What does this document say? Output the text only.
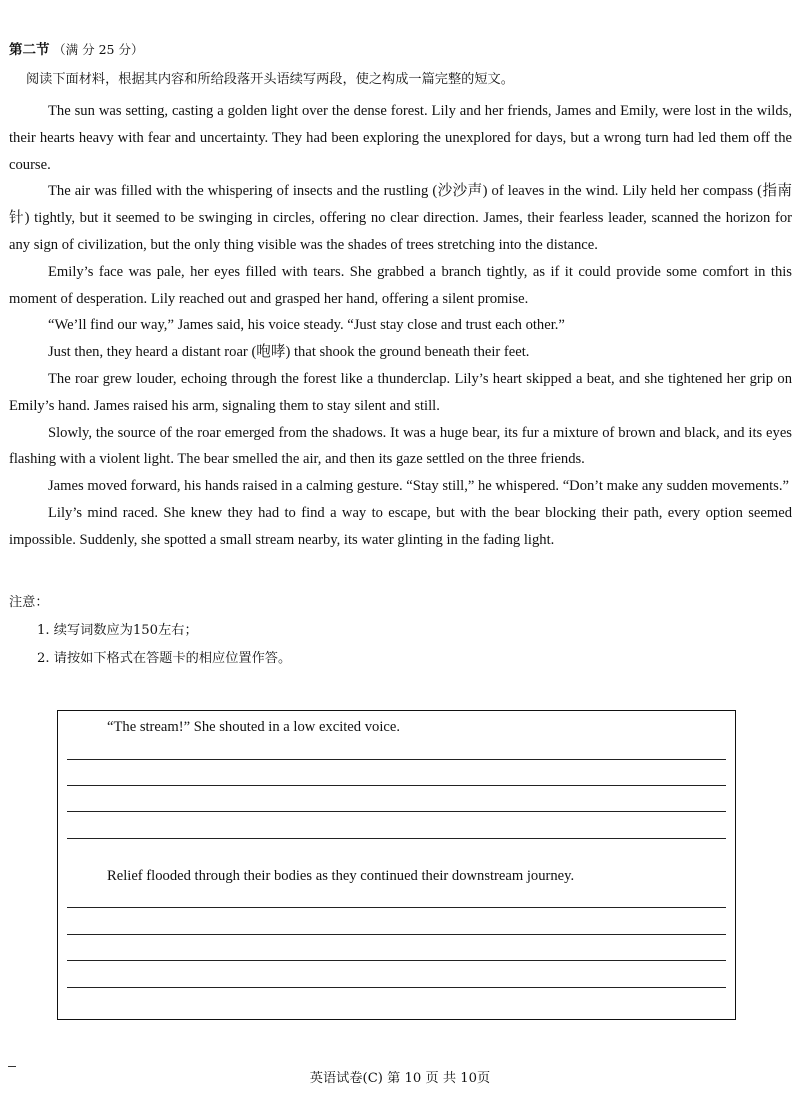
第二节 （满 分 25 分）
阅读下面材料，根据其内容和所给段落开头语续写两段，使之构成一篇完整的短文。

The sun was setting, casting a golden light over the dense forest. Lily and her friends, James and Emily, were lost in the wilds, their hearts heavy with fear and uncertainty. They had been exploring the unexplored for days, but a wrong turn had led them off the course.

The air was filled with the whispering of insects and the rustling (沙沙声) of leaves in the wind. Lily held her compass (指南针) tightly, but it seemed to be swinging in circles, offering no clear direction. James, their fearless leader, scanned the horizon for any sign of civilization, but the only thing visible was the shades of trees stretching into the distance.

Emily’s face was pale, her eyes filled with tears. She grabbed a branch tightly, as if it could provide some comfort in this moment of desperation. Lily reached out and grasped her hand, offering a silent promise.

“We’ll find our way,” James said, his voice steady. “Just stay close and trust each other.”

Just then, they heard a distant roar (咆哮) that shook the ground beneath their feet.

The roar grew louder, echoing through the forest like a thunderclap. Lily’s heart skipped a beat, and she tightened her grip on Emily’s hand. James raised his arm, signaling them to stay silent and still.

Slowly, the source of the roar emerged from the shadows. It was a huge bear, its fur a mixture of brown and black, and its eyes flashing with a violent light. The bear smelled the air, and then its gaze settled on the three friends.

James moved forward, his hands raised in a calming gesture. “Stay still,” he whispered. “Don’t make any sudden movements.”

Lily’s mind raced. She knew they had to find a way to escape, but with the bear blocking their path, every option seemed impossible. Suddenly, she spotted a small stream nearby, its water glinting in the fading light.

注意：

1. 续写词数应为150左右；

2. 请按如下格式在答题卡的相应位置作答。

“The stream!” She shouted in a low excited voice.
Relief flooded through their bodies as they continued their downstream journey.
英语试卷(C) 第 10 页 共 10页
